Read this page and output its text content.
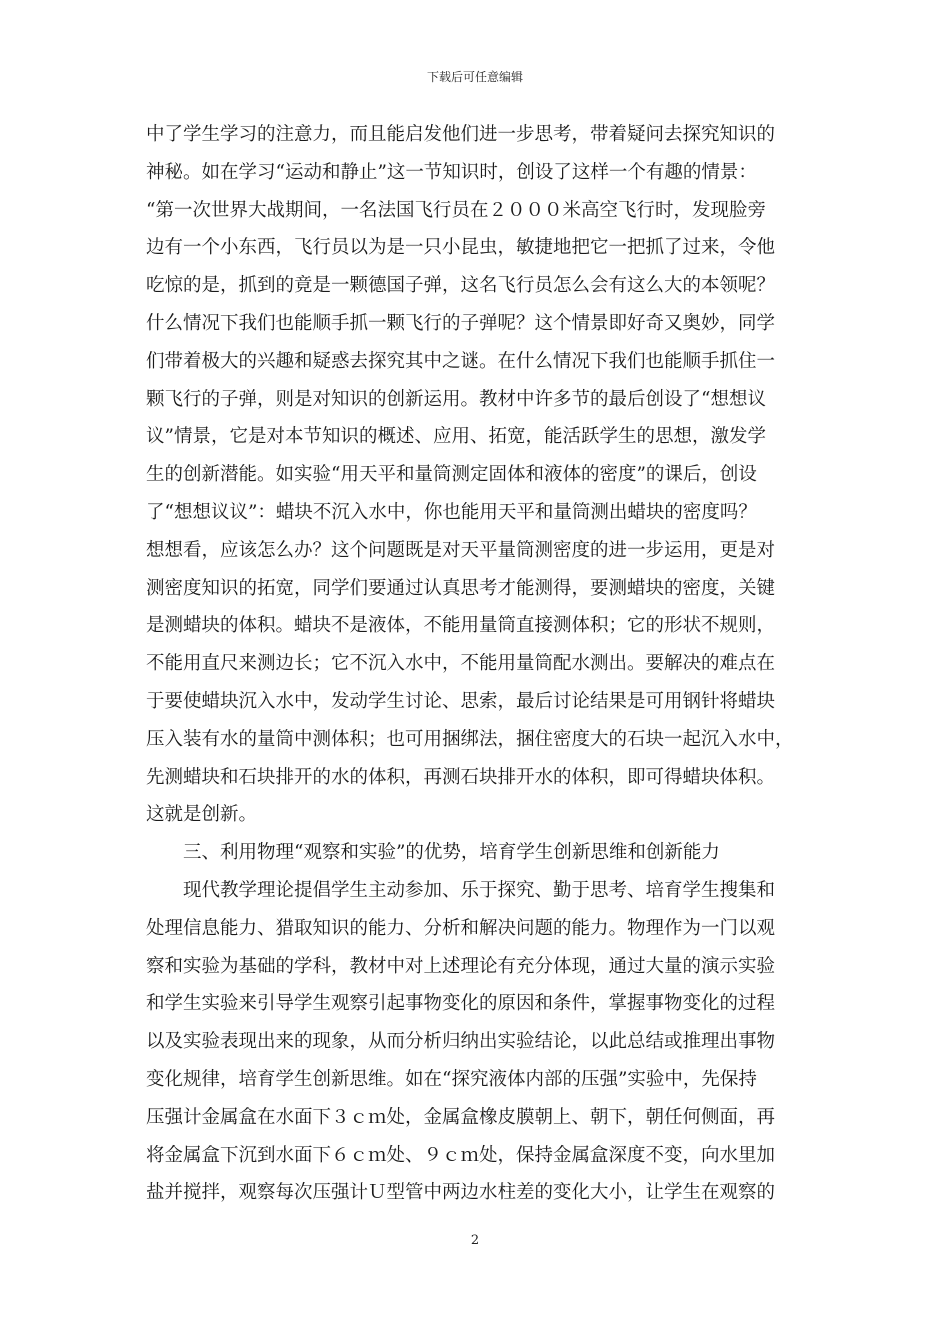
下载后可任意编辑
中了学生学习的注意力，而且能启发他们进一步思考，带着疑问去探究知识的
神秘。如在学习“运动和静止”这一节知识时，创设了这样一个有趣的情景：
“第一次世界大战期间，一名法国飞行员在２０００米高空飞行时，发现脸旁
边有一个小东西，飞行员以为是一只小昆虫，敏捷地把它一把抓了过来，令他
吃惊的是，抓到的竟是一颗德国子弹，这名飞行员怎么会有这么大的本领呢？
什么情况下我们也能顺手抓一颗飞行的子弹呢？这个情景即好奇又奥妙，同学
们带着极大的兴趣和疑惑去探究其中之谜。在什么情况下我们也能顺手抓住一
颗飞行的子弹，则是对知识的创新运用。教材中许多节的最后创设了“想想议
议”情景，它是对本节知识的概述、应用、拓宽，能活跃学生的思想，激发学
生的创新潜能。如实验“用天平和量筒测定固体和液体的密度”的课后，创设
了“想想议议”：蜡块不沉入水中，你也能用天平和量筒测出蜡块的密度吗？
想想看，应该怎么办？这个问题既是对天平量筒测密度的进一步运用，更是对
测密度知识的拓宽，同学们要通过认真思考才能测得，要测蜡块的密度，关键
是测蜡块的体积。蜡块不是液体，不能用量筒直接测体积；它的形状不规则，
不能用直尺来测边长；它不沉入水中，不能用量筒配水测出。要解决的难点在
于要使蜡块沉入水中，发动学生讨论、思索，最后讨论结果是可用钢针将蜡块
压入装有水的量筒中测体积；也可用捆绑法，捆住密度大的石块一起沉入水中，
先测蜡块和石块排开的水的体积，再测石块排开水的体积，即可得蜡块体积。
这就是创新。
　　三、利用物理“观察和实验”的优势，培育学生创新思维和创新能力
　　现代教学理论提倡学生主动参加、乐于探究、勤于思考、培育学生搜集和
处理信息能力、猎取知识的能力、分析和解决问题的能力。物理作为一门以观
察和实验为基础的学科，教材中对上述理论有充分体现，通过大量的演示实验
和学生实验来引导学生观察引起事物变化的原因和条件，掌握事物变化的过程
以及实验表现出来的现象，从而分析归纳出实验结论，以此总结或推理出事物
变化规律，培育学生创新思维。如在“探究液体内部的压强”实验中，先保持
压强计金属盒在水面下３ｃｍ处，金属盒橡皮膜朝上、朝下，朝任何侧面，再
将金属盒下沉到水面下６ｃｍ处、９ｃｍ处，保持金属盒深度不变，向水里加
盐并搅拌，观察每次压强计Ｕ型管中两边水柱差的变化大小，让学生在观察的
2
